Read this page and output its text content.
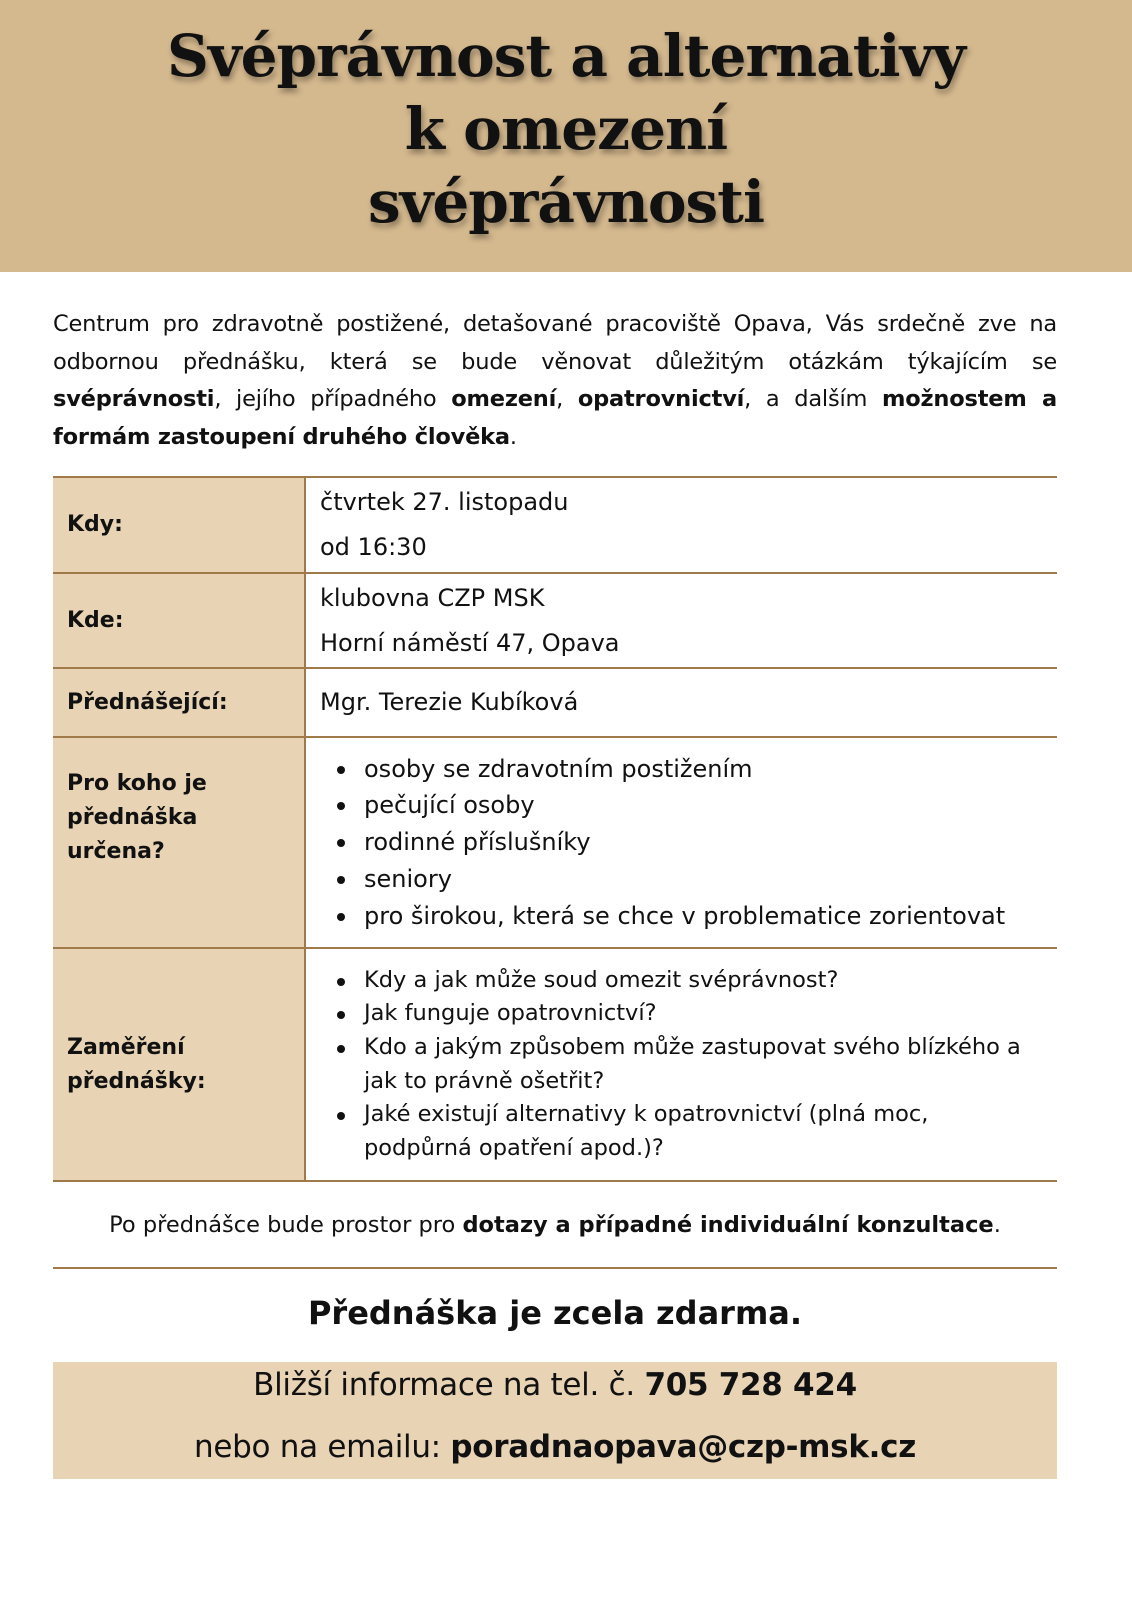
Svéprávnost a alternativy
k omezení
svéprávnosti

Centrum pro zdravotně postižené, detašované pracoviště Opava, Vás srdečně zve na odbornou přednášku, která se bude věnovat důležitým otázkám týkajícím se svéprávnosti, jejího případného omezení, opatrovnictví, a dalším možnostem a formám zastoupení druhého člověka.

Kdy:
čtvrtek 27. listopadu
od 16:30
Kde:
klubovna CZP MSK
Horní náměstí 47, Opava
Přednášející:	Mgr. Terezie Kubíková
Pro koho je přednáška určena?
osoby se zdravotním postižením
pečující osoby
rodinné příslušníky
seniory
pro širokou, která se chce v problematice zorientovat
Zaměření přednášky:
Kdy a jak může soud omezit svéprávnost?
Jak funguje opatrovnictví?
Kdo a jakým způsobem může zastupovat svého blízkého a jak to právně ošetřit?
Jaké existují alternativy k opatrovnictví (plná moc, podpůrná opatření apod.)?

Po přednášce bude prostor pro dotazy a případné individuální konzultace.

Přednáška je zcela zdarma.

Bližší informace na tel. č. 705 728 424

nebo na emailu: poradnaopava@czp-msk.cz
